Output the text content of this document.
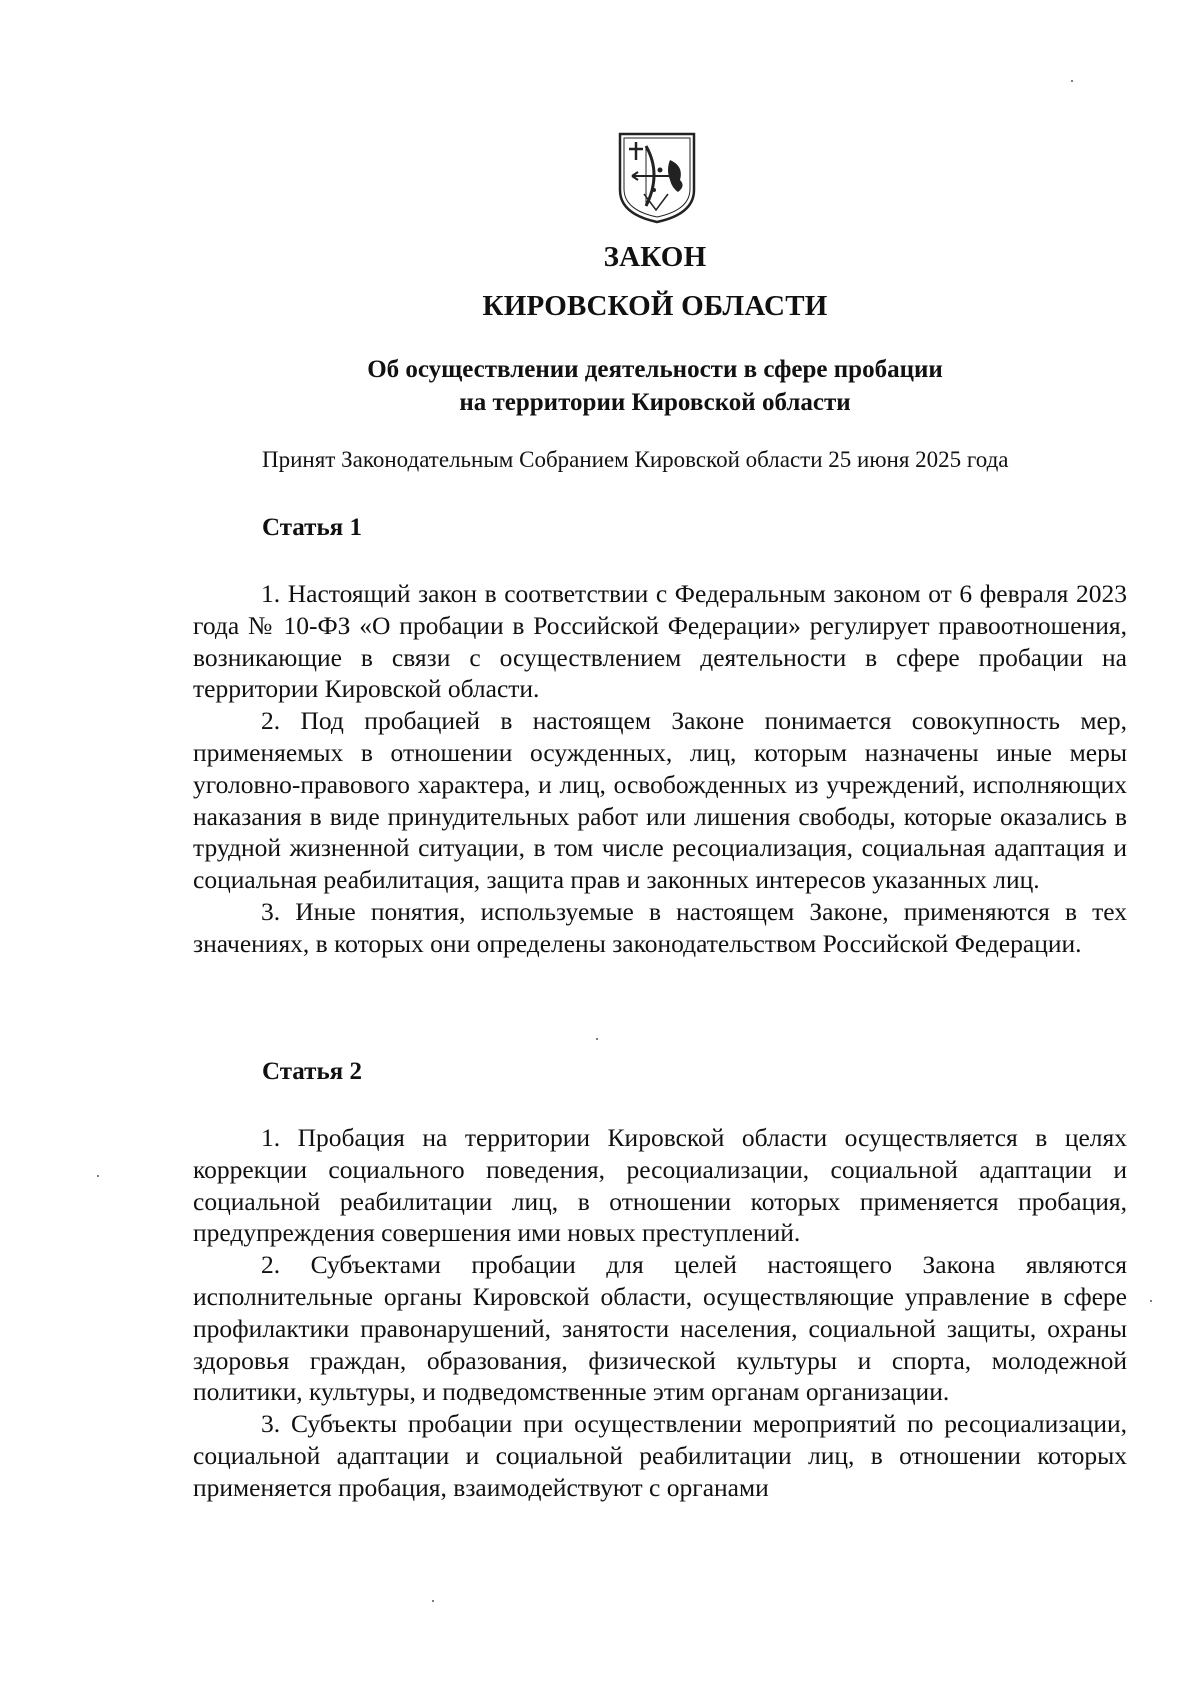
ЗАКОН
КИРОВСКОЙ ОБЛАСТИ
Об осуществлении деятельности в сфере пробации
на территории Кировской области
Принят Законодательным Собранием Кировской области 25 июня 2025 года
Статья 1

1. Настоящий закон в соответствии с Федеральным законом от 6 февраля 2023 года № 10-ФЗ «О пробации в Российской Федерации» регулирует правоотношения, возникающие в связи с осуществлением деятельности в сфере пробации на территории Кировской области.

2. Под пробацией в настоящем Законе понимается совокупность мер, применяемых в отношении осужденных, лиц, которым назначены иные меры уголовно-правового характера, и лиц, освобожденных из учреждений, исполняющих наказания в виде принудительных работ или лишения свободы, которые оказались в трудной жизненной ситуации, в том числе ресоциализация, социальная адаптация и социальная реабилитация, защита прав и законных интересов указанных лиц.

3. Иные понятия, используемые в настоящем Законе, применяются в тех значениях, в которых они определены законодательством Российской Федерации.

Статья 2

1. Пробация на территории Кировской области осуществляется в целях коррекции социального поведения, ресоциализации, социальной адаптации и социальной реабилитации лиц, в отношении которых применяется пробация, предупреждения совершения ими новых преступлений.

2. Субъектами пробации для целей настоящего Закона являются исполнительные органы Кировской области, осуществляющие управление в сфере профилактики правонарушений, занятости населения, социальной защиты, охраны здоровья граждан, образования, физической культуры и спорта, молодежной политики, культуры, и подведомственные этим органам организации.

3. Субъекты пробации при осуществлении мероприятий по ресоциализации, социальной адаптации и социальной реабилитации лиц, в отношении которых применяется пробация, взаимодействуют с органами
